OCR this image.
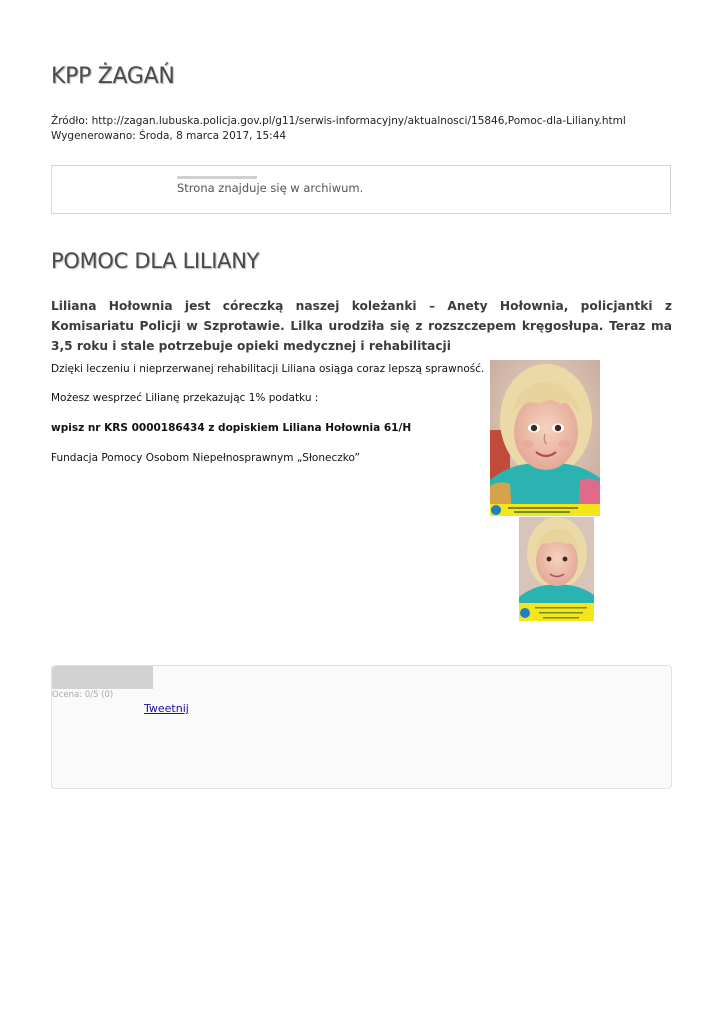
KPP ŻAGAŃ
Źródło: http://zagan.lubuska.policja.gov.pl/g11/serwis-informacyjny/aktualnosci/15846,Pomoc-dla-Liliany.html
Wygenerowano: Środa, 8 marca 2017, 15:44
Strona znajduje się w archiwum.
POMOC DLA LILIANY

Liliana Hołownia jest córeczką naszej koleżanki – Anety Hołownia, policjantki z Komisariatu Policji w Szprotawie. Lilka urodziła się z rozszczepem kręgosłupa. Teraz ma 3,5 roku i stale potrzebuje opieki medycznej i rehabilitacji

Dzięki leczeniu i nieprzerwanej rehabilitacji Liliana osiąga coraz lepszą sprawność.

Możesz wesprzeć Lilianę przekazując 1% podatku :

wpisz nr KRS 0000186434 z dopiskiem Liliana Hołownia 61/H

Fundacja Pomocy Osobom Niepełnosprawnym „Słoneczko”

Ocena: 0/5 (0)
Tweetnij
